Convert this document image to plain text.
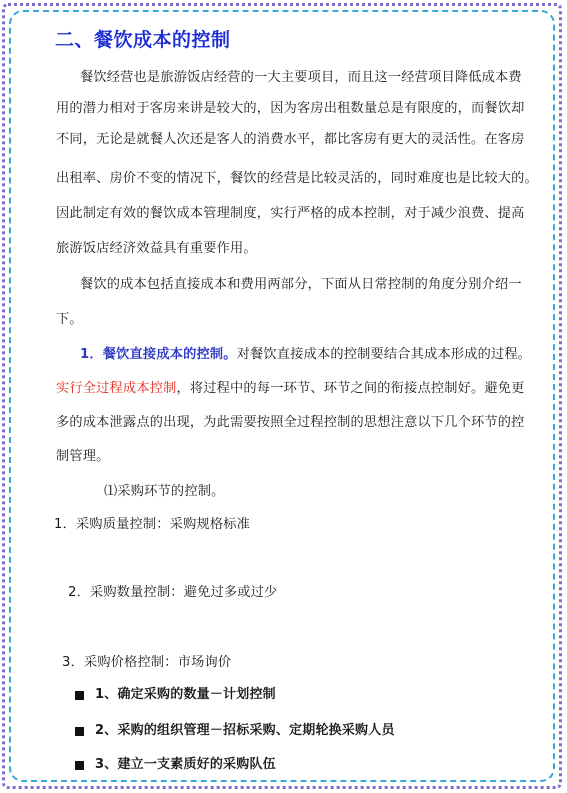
二、餐饮成本的控制
餐饮经营也是旅游饭店经营的一大主要项目，而且这一经营项目降低成本费
用的潜力相对于客房来讲是较大的，因为客房出租数量总是有限度的，而餐饮却
不同，无论是就餐人次还是客人的消费水平，都比客房有更大的灵活性。在客房
出租率、房价不变的情况下，餐饮的经营是比较灵活的，同时难度也是比较大的。
因此制定有效的餐饮成本管理制度，实行严格的成本控制，对于减少浪费、提高
旅游饭店经济效益具有重要作用。
餐饮的成本包括直接成本和费用两部分，下面从日常控制的角度分别介绍一
下。
1．餐饮直接成本的控制。对餐饮直接成本的控制要结合其成本形成的过程。
实行全过程成本控制，将过程中的每一环节、环节之间的衔接点控制好。避免更
多的成本泄露点的出现，为此需要按照全过程控制的思想注意以下几个环节的控
制管理。
⑴采购环节的控制。
1．采购质量控制：采购规格标准
2．采购数量控制：避免过多或过少
3．采购价格控制：市场询价
1、确定采购的数量－计划控制
2、采购的组织管理－招标采购、定期轮换采购人员
3、建立一支素质好的采购队伍
